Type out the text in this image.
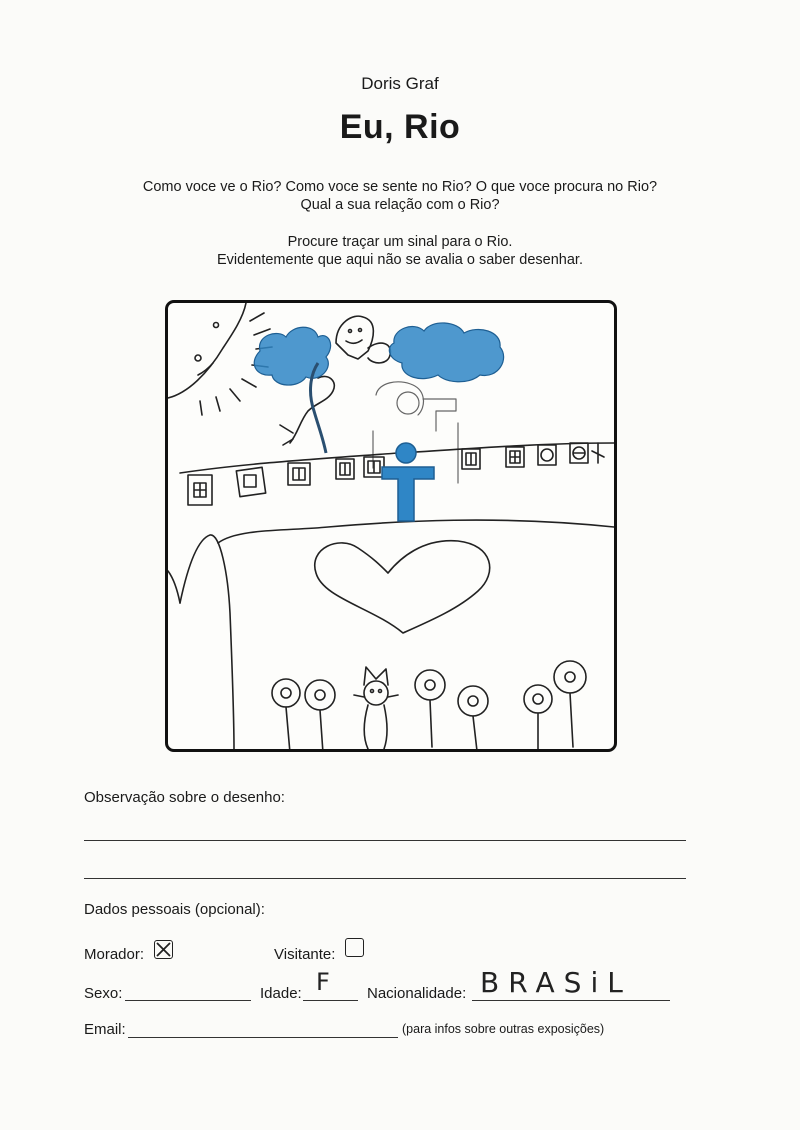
Doris Graf
Eu, Rio
Como voce ve o Rio? Como voce se sente no Rio? O que voce procura no Rio?
Qual a sua relação com o Rio?
Procure traçar um sinal para o Rio.
Evidentemente que aqui não se avalia o saber desenhar.
Observação sobre o desenho:
Dados pessoais (opcional):
Morador:	Visitante:
Sexo:	Idade: F Nacionalidade: BRASiL
Email:	(para infos sobre outras exposições)
